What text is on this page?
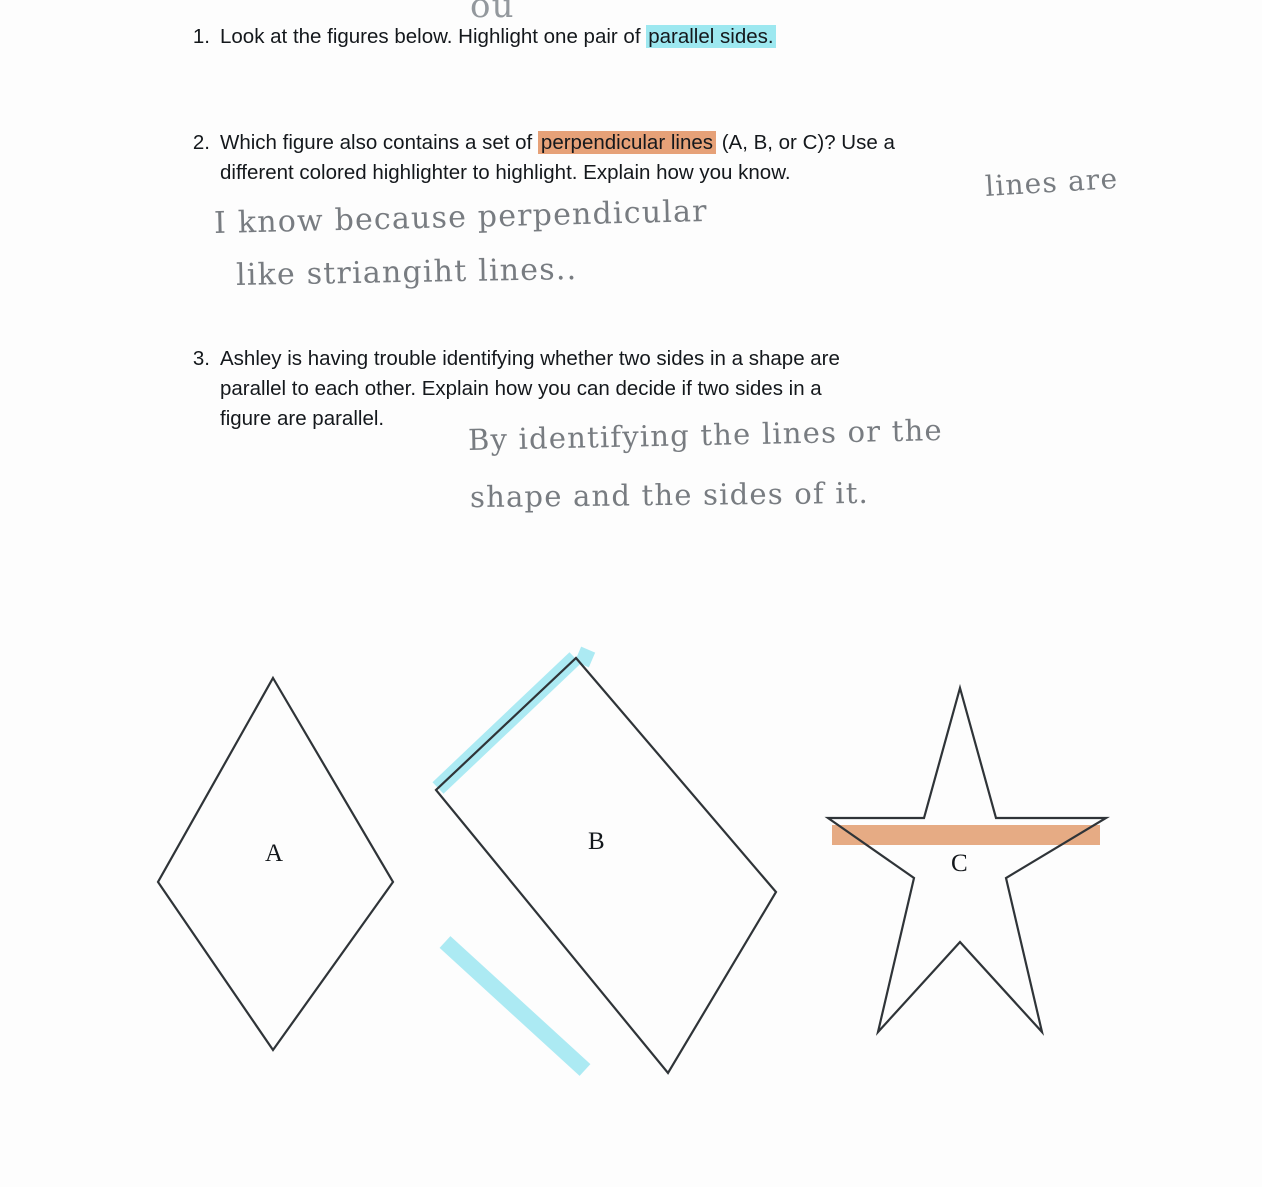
ou
1. Look at the figures below. Highlight one pair of parallel sides.
2. Which figure also contains a set of perpendicular lines (A, B, or C)? Use a different colored highlighter to highlight. Explain how you know.
I know because perpendicular
lines are
like striangiht lines..
3. Ashley is having trouble identifying whether two sides in a shape are parallel to each other. Explain how you can decide if two sides in a figure are parallel.	By identifying the lines or the
shape and the sides of it.
A	B
C
